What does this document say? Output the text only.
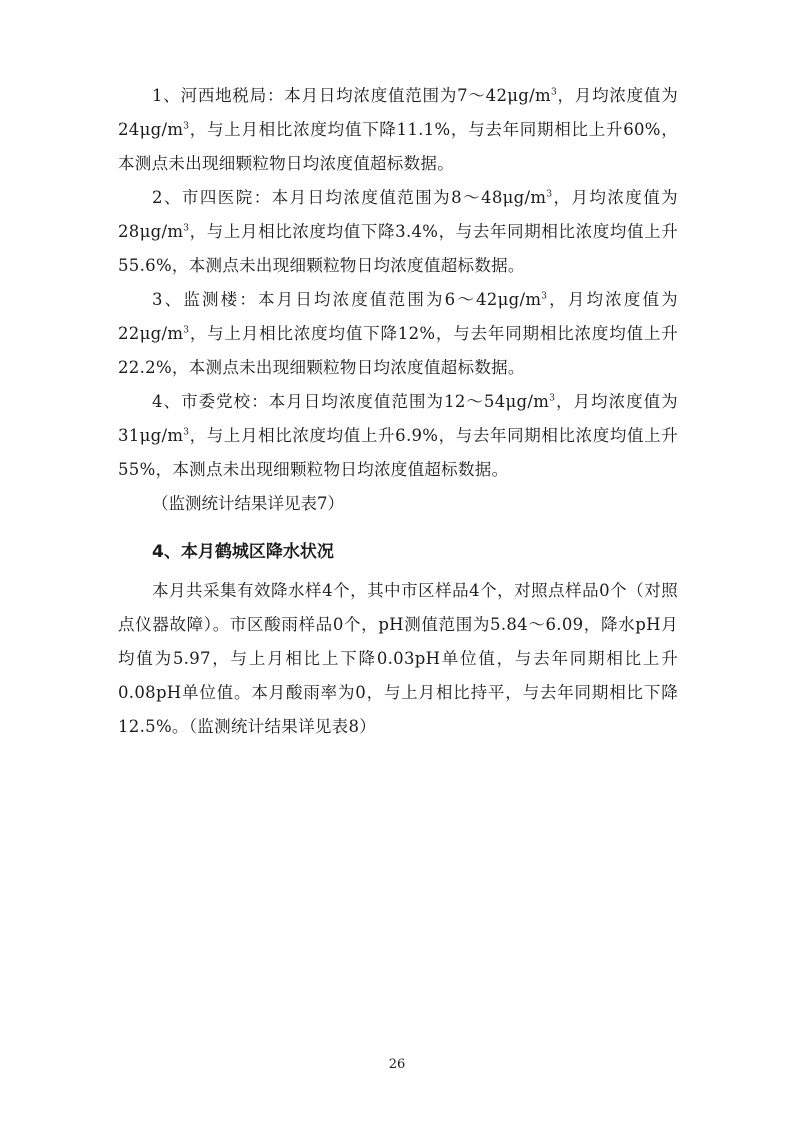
1、河西地税局：本月日均浓度值范围为$7\sim 42\mu g/m^3$，月均浓度值为$24\mu g/m^3$，与上月相比浓度均值下降11.1%，与去年同期相比上升60%，本测点未出现细颗粒物日均浓度值超标数据。

2、市四医院：本月日均浓度值范围为$8\sim 48\mu g/m^3$，月均浓度值为$28\mu g/m^3$，与上月相比浓度均值下降3.4%，与去年同期相比浓度均值上升55.6%，本测点未出现细颗粒物日均浓度值超标数据。

3、监测楼：本月日均浓度值范围为$6\sim 42\mu g/m^3$，月均浓度值为$22\mu g/m^3$，与上月相比浓度均值下降12%，与去年同期相比浓度均值上升22.2%，本测点未出现细颗粒物日均浓度值超标数据。

4、市委党校：本月日均浓度值范围为$12\sim 54\mu g/m^3$，月均浓度值为$31\mu g/m^3$，与上月相比浓度均值上升6.9%，与去年同期相比浓度均值上升55%，本测点未出现细颗粒物日均浓度值超标数据。

（监测统计结果详见表7）

4、本月鹤城区降水状况

本月共采集有效降水样4个，其中市区样品4个，对照点样品0个（对照点仪器故障）。市区酸雨样品0个，pH测值范围为5.84～6.09，降水pH月均值为5.97，与上月相比上下降0.03pH单位值，与去年同期相比上升0.08pH单位值。本月酸雨率为0，与上月相比持平，与去年同期相比下降12.5%。（监测统计结果详见表8）

26
